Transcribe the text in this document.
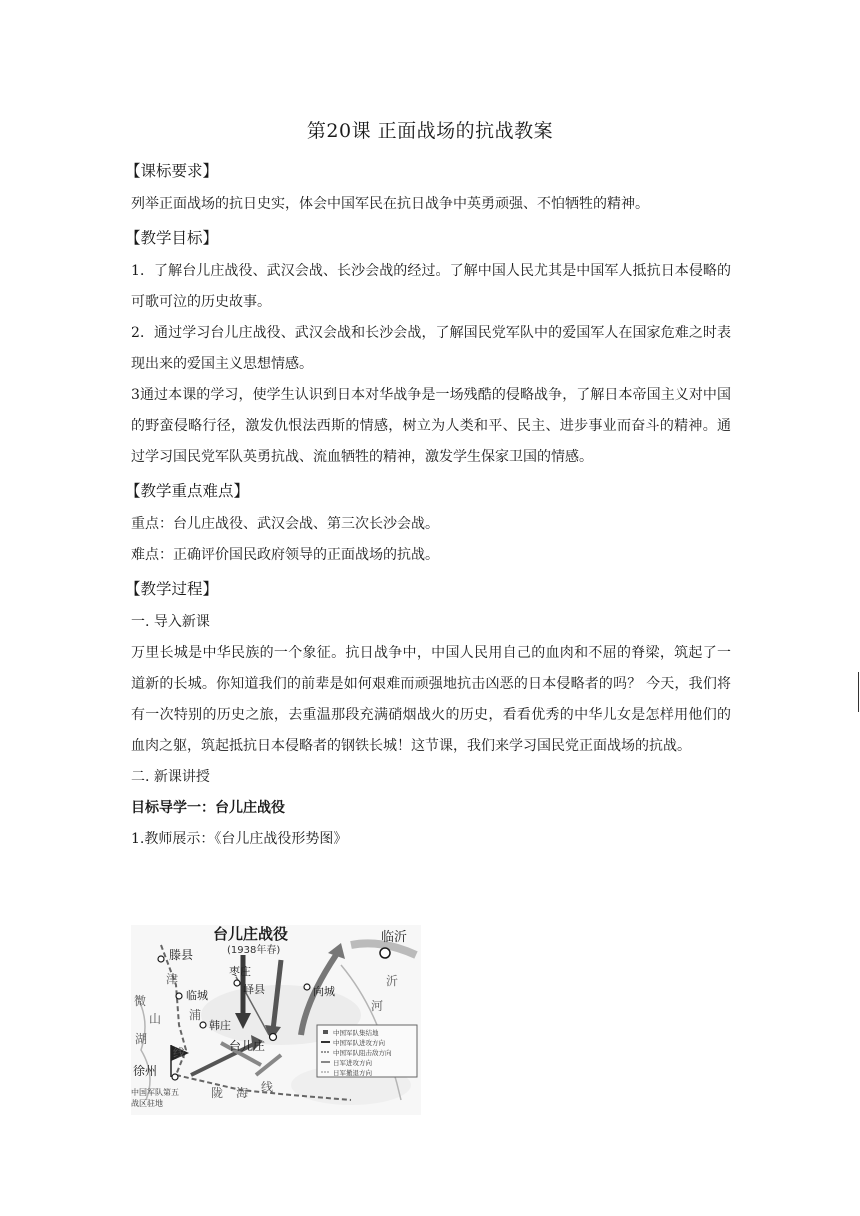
第20课 正面战场的抗战教案

【课标要求】

列举正面战场的抗日史实，体会中国军民在抗日战争中英勇顽强、不怕牺牲的精神。

【教学目标】

1．了解台儿庄战役、武汉会战、长沙会战的经过。了解中国人民尤其是中国军人抵抗日本侵略的可歌可泣的历史故事。

2．通过学习台儿庄战役、武汉会战和长沙会战，了解国民党军队中的爱国军人在国家危难之时表现出来的爱国主义思想情感。

3通过本课的学习，使学生认识到日本对华战争是一场残酷的侵略战争，了解日本帝国主义对中国的野蛮侵略行径，激发仇恨法西斯的情感，树立为人类和平、民主、进步事业而奋斗的精神。通过学习国民党军队英勇抗战、流血牺牲的精神，激发学生保家卫国的情感。

【教学重点难点】

重点：台儿庄战役、武汉会战、第三次长沙会战。

难点：正确评价国民政府领导的正面战场的抗战。

【教学过程】

一. 导入新课

万里长城是中华民族的一个象征。抗日战争中，中国人民用自己的血肉和不屈的脊梁，筑起了一道新的长城。你知道我们的前辈是如何艰难而顽强地抗击凶恶的日本侵略者的吗？ 今天，我们将有一次特别的历史之旅，去重温那段充满硝烟战火的历史，看看优秀的中华儿女是怎样用他们的血肉之躯，筑起抵抗日本侵略者的钢铁长城！这节课，我们来学习国民党正面战场的抗战。

二. 新课讲授

目标导学一：台儿庄战役

1.教师展示：《台儿庄战役形势图》

台儿庄战役
(1938年春)
临沂
滕县
枣庄
峄县
临城	向城
韩庄
台儿庄
徐州
沂
河
津
浦
线
陇 海 线
微
山
湖
中国军队第五
战区驻地
中国军队集结地
中国军队进攻方向
中国军队阻击敌方向
日军进攻方向
日军撤退方向
